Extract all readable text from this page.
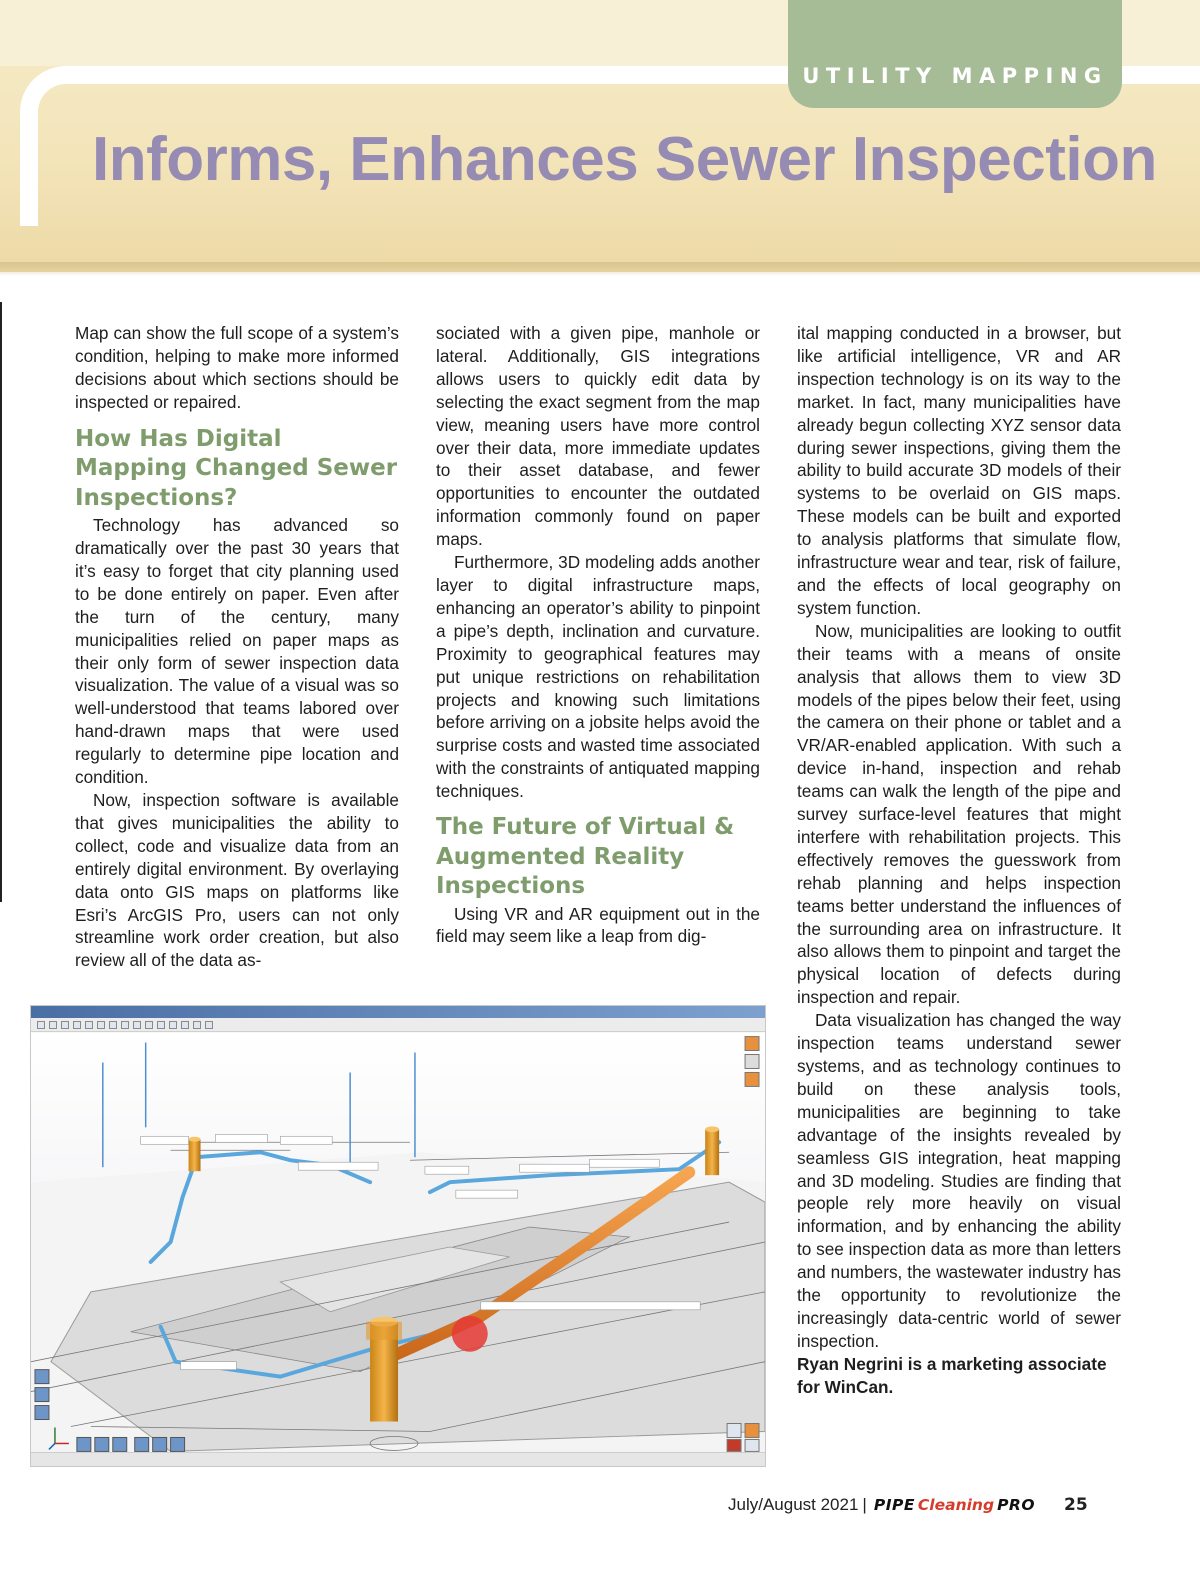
UTILITY MAPPING
Informs, Enhances Sewer Inspection

Map can show the full scope of a system’s condition, helping to make more informed decisions about which sections should be inspected or repaired.

How Has Digital Mapping Changed Sewer Inspections?

Technology has advanced so dramatically over the past 30 years that it’s easy to forget that city planning used to be done entirely on paper. Even after the turn of the century, many municipalities relied on paper maps as their only form of sewer inspection data visualization. The value of a visual was so well-understood that teams labored over hand-drawn maps that were used regularly to determine pipe location and condition.

Now, inspection software is available that gives municipalities the ability to collect, code and visualize data from an entirely digital environment. By overlaying data onto GIS maps on platforms like Esri’s ArcGIS Pro, users can not only streamline work order creation, but also review all of the data as-

sociated with a given pipe, manhole or lateral. Additionally, GIS integrations allows users to quickly edit data by selecting the exact segment from the map view, meaning users have more control over their data, more immediate updates to their asset database, and fewer opportunities to encounter the outdated information commonly found on paper maps.

Furthermore, 3D modeling adds another layer to digital infrastructure maps, enhancing an operator’s ability to pinpoint a pipe’s depth, inclination and curvature. Proximity to geographical features may put unique restrictions on rehabilitation projects and knowing such limitations before arriving on a jobsite helps avoid the surprise costs and wasted time associated with the constraints of antiquated mapping techniques.

The Future of Virtual & Augmented Reality Inspections

Using VR and AR equipment out in the field may seem like a leap from dig-

ital mapping conducted in a browser, but like artificial intelligence, VR and AR inspection technology is on its way to the market. In fact, many municipalities have already begun collecting XYZ sensor data during sewer inspections, giving them the ability to build accurate 3D models of their systems to be overlaid on GIS maps. These models can be built and exported to analysis platforms that simulate flow, infrastructure wear and tear, risk of failure, and the effects of local geography on system function.

Now, municipalities are looking to outfit their teams with a means of onsite analysis that allows them to view 3D models of the pipes below their feet, using the camera on their phone or tablet and a VR/AR-enabled application. With such a device in-hand, inspection and rehab teams can walk the length of the pipe and survey surface-level features that might interfere with rehabilitation projects. This effectively removes the guesswork from rehab planning and helps inspection teams better understand the influences of the surrounding area on infrastructure. It also allows them to pinpoint and target the physical location of defects during inspection and repair.

Data visualization has changed the way inspection teams understand sewer systems, and as technology continues to build on these analysis tools, municipalities are beginning to take advantage of the insights revealed by seamless GIS integration, heat mapping and 3D modeling. Studies are finding that people rely more heavily on visual information, and by enhancing the ability to see inspection data as more than letters and numbers, the wastewater industry has the opportunity to revolutionize the increasingly data-centric world of sewer inspection.

Ryan Negrini is a marketing associate for WinCan.

July/August 2021 | PIPE Cleaning PRO 25
